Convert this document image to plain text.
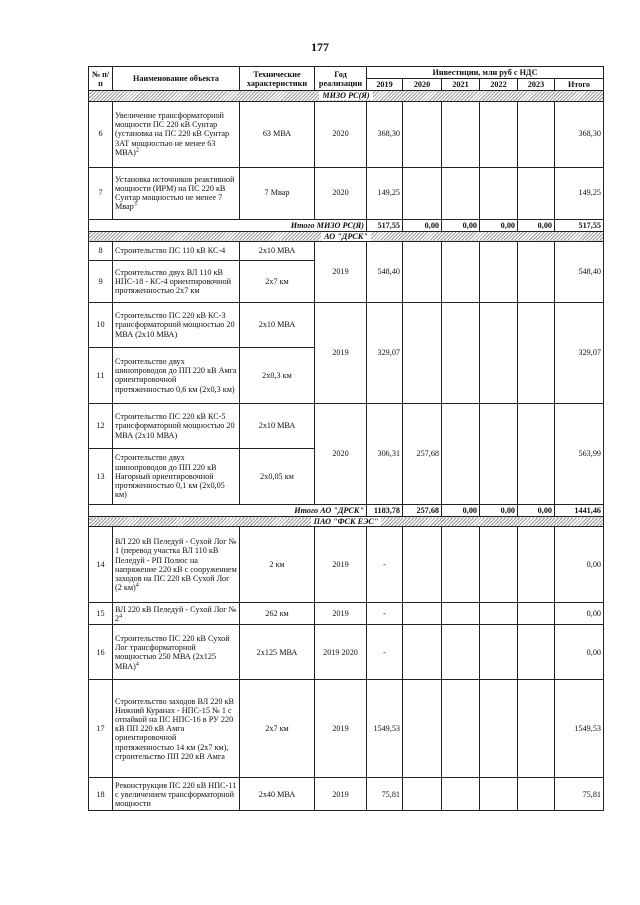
177
№ п/п	Наименование объекта	Технические характеристики	Год реализации	Инвестиции, млн руб с НДС					
				2019	2020	2021	2022	2023	Итого
МИЗО РС(Я)									
6	Увеличение трансформаторной мощности ПС 220 кВ Сунтар (установка на ПС 220 кВ Сунтар 3АТ мощностью не менее 63 МВА)$^2$	63 МВА	2020	368,30					368,30
7	Установка источников реактивной мощности (ИРМ) на ПС 220 кВ Сунтар мощностью не менее 7 Мвар$^3$	7 Мвар	2020	149,25					149,25
Итого МИЗО РС(Я)				517,55	0,00	0,00	0,00	0,00	517,55
АО "ДРСК"									
8	Строительство ПС 110 кВ КС-4	2х10 МВА	2019	548,40					548,40
9	Строительство двух ВЛ 110 кВ НПС-18 - КС-4 ориентировочной протяженностью 2х7 км	2х7 км							
10	Строительство ПС 220 кВ КС-3 трансформаторной мощностью 20 МВА (2х10 МВА)	2х10 МВА	2019	329,07					329,07
11	Строительство двух шинопроводов до ПП 220 кВ Амга ориентировочной протяженностью 0,6 км (2х0,3 км)	2х0,3 км							
12	Строительство ПС 220 кВ КС-5 трансформаторной мощностью 20 МВА (2х10 МВА)	2х10 МВА	2020	306,31	257,68				563,99
13	Строительство двух шинопроводов до ПП 220 кВ Нагорный ориентировочной протяженностью 0,1 км (2х0,05 км)	2х0,05 км							
Итого АО "ДРСК"				1183,78	257,68	0,00	0,00	0,00	1441,46
ПАО "ФСК ЕЭС"									
14	ВЛ 220 кВ Пеледуй - Сухой Лог № 1 (перевод участка ВЛ 110 кВ Пеледуй - РП Полюс на напряжение 220 кВ с сооружением заходов на ПС 220 кВ Сухой Лог (2 км)$^4$	2 км	2019	-					0,00
15	ВЛ 220 кВ Пеледуй - Сухой Лог № $2^4$	262 км	2019	-					0,00
16	Строительство ПС 220 кВ Сухой Лог трансформаторной мощностью 250 МВА (2х125 МВА)$^4$	2х125 МВА	2019 2020	-					0,00
17	Строительство заходов ВЛ 220 кВ Нижний Куранах - НПС-15 № 1 с отпайкой на ПС НПС-16 в РУ 220 кВ ПП 220 кВ Амга ориентировочной протяженностью 14 км (2х7 км), строительство ПП 220 кВ Амга	2х7 км	2019	1549,53					1549,53
18	Реконструкция ПС 220 кВ НПС-11 с увеличением трансформаторной мощности	2х40 МВА	2019	75,81					75,81
